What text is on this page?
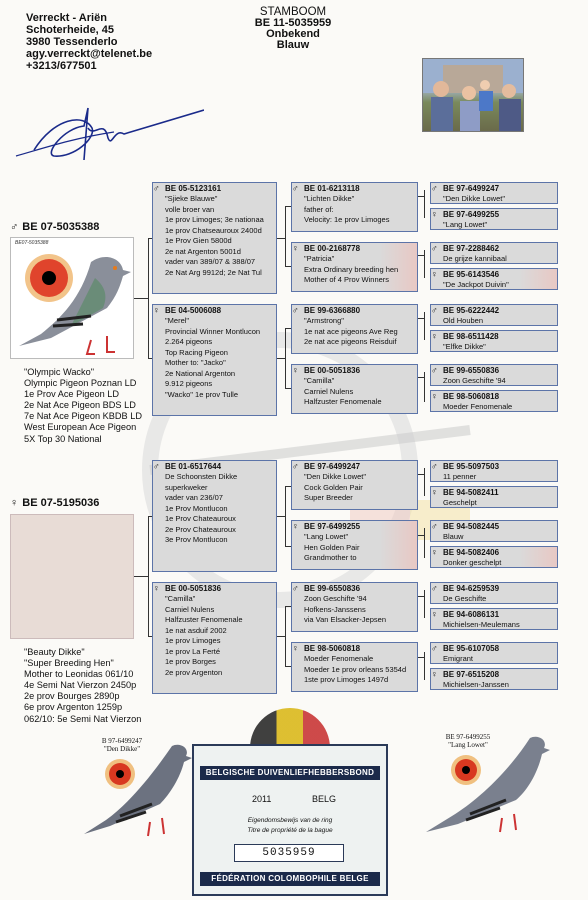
Verreckt - Ariën
Schoterheide, 45
3980 Tessenderlo
agy.verreckt@telenet.be
+3213/677501
STAMBOOM
BE 11-5035959
Onbekend
Blauw
♂ BE 07-5035388
BE07-5035388
"Olympic Wacko"
Olympic Pigeon Poznan LD
1e Prov Ace Pigeon LD
2e Nat Ace Pigeon BDS LD
7e Nat Ace Pigeon KBDB LD
West European Ace Pigeon
5X Top 30 National
♀ BE 07-5195036
"Beauty Dikke"
"Super Breeding Hen"
Mother to Leonidas 061/10
4e Semi Nat Vierzon 2450p
2e prov Bourges 2890p
6e prov Argenton 1259p
062/10: 5e Semi Nat Vierzon
♂ BE 05-5123161
"Sjieke Blauwe"
volle broer van
1e prov Limoges; 3e nationaa
1e prov Chatseauroux 2400d
1e Prov Gien 5800d
2e nat Argenton 5001d
vader van 389/07 & 388/07
2e Nat Arg 9912d; 2e Nat Tul
♀ BE 04-5006088
"Merel"
Provincial Winner Montlucon
2.264 pigeons
Top Racing Pigeon
Mother to: "Jacko"
2e National Argenton
9.912 pigeons
"Wacko" 1e prov Tulle
♂ BE 01-6517644
De Schoonsten Dikke
superkweker
vader van 236/07
1e Prov Montlucon
1e Prov Chateauroux
2e Prov Chateauroux
3e Prov Montlucon
♀ BE 00-5051836
"Camilla"
Carniel Nulens
Halfzuster Fenomenale
1e nat asduif 2002
1e prov Limoges
1e prov La Ferté
1e prov Borges
2e prov Argenton
♂ BE 01-6213118
"Lichten Dikke"
father of:
Velocity: 1e prov Limoges
♀ BE 00-2168778
"Patricia"
Extra Ordinary breeding hen
Mother of 4 Prov Winners
♂ BE 99-6366880
"Armstrong"
1e nat ace pigeons Ave Reg
2e nat ace pigeons Reisduif
♀ BE 00-5051836
"Camilla"
Carniel Nulens
Halfzuster Fenomenale
♂ BE 97-6499247
"Den Dikke Lowet"
Cock Golden Pair
Super Breeder
♀ BE 97-6499255
"Lang Lowet"
Hen Golden Pair
Grandmother to
♂ BE 99-6550836
Zoon Geschifte '94
Hofkens-Janssens
via Van Elsacker-Jepsen
♀ BE 98-5060818
Moeder Fenomenale
Moeder 1e prov orleans 5354d
1ste prov Limoges 1497d
♂ BE 97-6499247
"Den Dikke Lowet"
♀ BE 97-6499255
"Lang Lowet"
♂ BE 97-2288462
De grijze kannibaal
♀ BE 95-6143546
"De Jackpot Duivin"
♂ BE 95-6222442
Old Houben
♀ BE 98-6511428
"Elfke Dikke"
♂ BE 99-6550836
Zoon Geschifte '94
♀ BE 98-5060818
Moeder Fenomenale
♂ BE 95-5097503
11 penner
♀ BE 94-5082411
Geschelpt
♂ BE 94-5082445
Blauw
♀ BE 94-5082406
Donker geschelpt
♂ BE 94-6259539
De Geschifte
♀ BE 94-6086131
Michielsen-Meulemans
♂ BE 95-6107058
Emigrant
♀ BE 97-6515208
Michielsen-Janssen
B 97-6499247
"Den Dikke"
BE 97-6499255
"Lang Lowet"
BELGISCHE DUIVENLIEFHEBBERSBOND
2011	BELG
Eigendomsbewijs van de ring
Titre de propriété de la bague
5035959
FÉDÉRATION COLOMBOPHILE BELGE
